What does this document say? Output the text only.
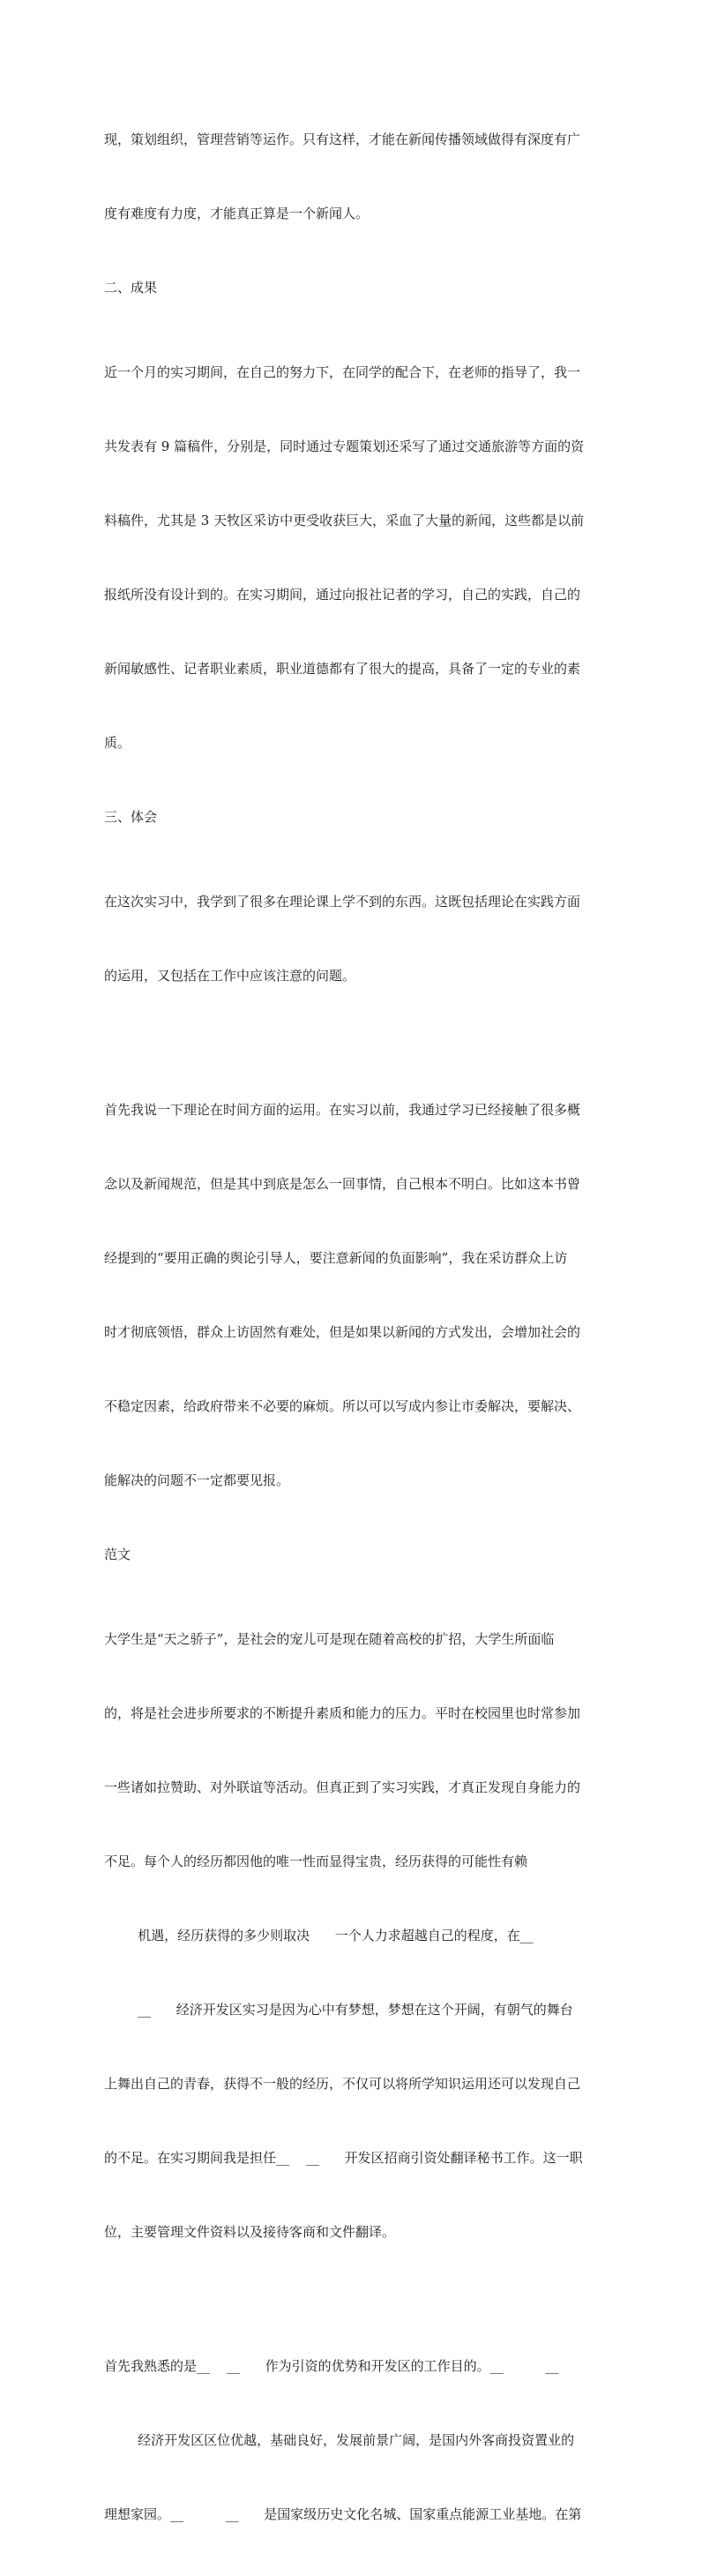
现，策划组织，管理营销等运作。只有这样，才能在新闻传播领域做得有深度有广

度有难度有力度，才能真正算是一个新闻人。

二、成果

近一个月的实习期间，在自己的努力下，在同学的配合下，在老师的指导了，我一

共发表有 9 篇稿件，分别是，同时通过专题策划还采写了通过交通旅游等方面的资

料稿件，尤其是 3 天牧区采访中更受收获巨大，采血了大量的新闻，这些都是以前

报纸所没有设计到的。在实习期间，通过向报社记者的学习，自己的实践，自己的

新闻敏感性、记者职业素质，职业道德都有了很大的提高，具备了一定的专业的素

质。

三、体会

在这次实习中，我学到了很多在理论课上学不到的东西。这既包括理论在实践方面

的运用，又包括在工作中应该注意的问题。

首先我说一下理论在时间方面的运用。在实习以前，我通过学习已经接触了很多概

念以及新闻规范，但是其中到底是怎么一回事情，自己根本不明白。比如这本书曾

经提到的“要用正确的舆论引导人，要注意新闻的负面影响”，我在采访群众上访

时才彻底领悟，群众上访固然有难处，但是如果以新闻的方式发出，会增加社会的

不稳定因素，给政府带来不必要的麻烦。所以可以写成内参让市委解决，要解决、

能解决的问题不一定都要见报。

范文

大学生是“天之骄子”，是社会的宠儿可是现在随着高校的扩招，大学生所面临

的，将是社会进步所要求的不断提升素质和能力的压力。平时在校园里也时常参加

一些诸如拉赞助、对外联谊等活动。但真正到了实习实践，才真正发现自身能力的

不足。每个人的经历都因他的唯一性而显得宝贵，经历获得的可能性有赖

机遇，经历获得的多少则取决      一个人力求超越自己的程度，在__

__      经济开发区实习是因为心中有梦想，梦想在这个开阔，有朝气的舞台

上舞出自己的青春，获得不一般的经历，不仅可以将所学知识运用还可以发现自己

的不足。在实习期间我是担任__    __      开发区招商引资处翻译秘书工作。这一职

位，主要管理文件资料以及接待客商和文件翻译。

首先我熟悉的是__    __      作为引资的优势和开发区的工作目的。__          __

经济开发区区位优越，基础良好，发展前景广阔，是国内外客商投资置业的

理想家园。__          __      是国家级历史文化名城、国家重点能源工业基地。在第
